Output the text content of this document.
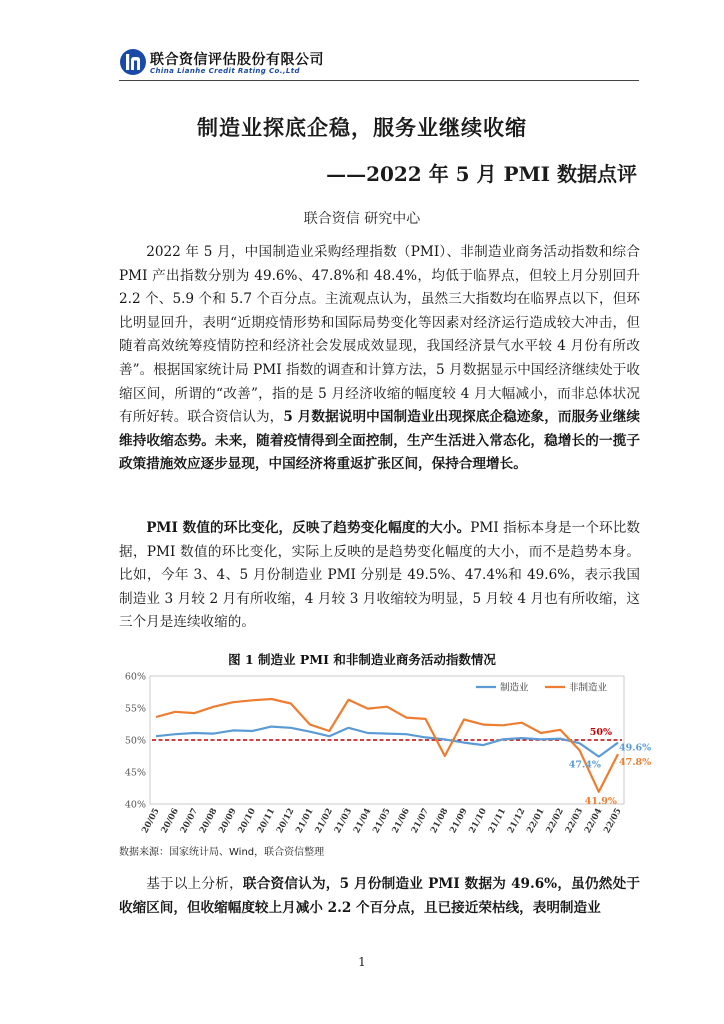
联合资信评估股份有限公司
China Lianhe Credit Rating Co.,Ltd
制造业探底企稳，服务业继续收缩
——2022 年 5 月 PMI 数据点评
联合资信 研究中心

2022 年 5 月，中国制造业采购经理指数（PMI）、非制造业商务活动指数和综合 PMI 产出指数分别为 49.6%、47.8%和 48.4%，均低于临界点，但较上月分别回升 2.2 个、5.9 个和 5.7 个百分点。主流观点认为，虽然三大指数均在临界点以下，但环比明显回升，表明“近期疫情形势和国际局势变化等因素对经济运行造成较大冲击，但随着高效统筹疫情防控和经济社会发展成效显现，我国经济景气水平较 4 月份有所改善”。根据国家统计局 PMI 指数的调查和计算方法，5 月数据显示中国经济继续处于收缩区间，所谓的“改善”，指的是 5 月经济收缩的幅度较 4 月大幅减小，而非总体状况有所好转。联合资信认为，5 月数据说明中国制造业出现探底企稳迹象，而服务业继续维持收缩态势。未来，随着疫情得到全面控制，生产生活进入常态化，稳增长的一揽子政策措施效应逐步显现，中国经济将重返扩张区间，保持合理增长。

PMI 数值的环比变化，反映了趋势变化幅度的大小。PMI 指标本身是一个环比数据，PMI 数值的环比变化，实际上反映的是趋势变化幅度的大小，而不是趋势本身。比如，今年 3、4、5 月份制造业 PMI 分别是 49.5%、47.4%和 49.6%，表示我国制造业 3 月较 2 月有所收缩，4 月较 3 月收缩较为明显，5 月较 4 月也有所收缩，这三个月是连续收缩的。

图 1 制造业 PMI 和非制造业商务活动指数情况
40%
45%
50%
55%
60%
20/05
20/06
20/07
20/08
20/09
20/10
20/11
20/12
21/01
21/02
21/03
21/04
21/05
21/06
21/07
21/08
21/09
21/10
21/11
21/12
22/01
22/02
22/03
22/04
22/05
50%
制造业	非制造业
49.6%
47.4% 47.8%
41.9%
数据来源：国家统计局、Wind，联合资信整理

基于以上分析，联合资信认为，5 月份制造业 PMI 数据为 49.6%，虽仍然处于收缩区间，但收缩幅度较上月减小 2.2 个百分点，且已接近荣枯线，表明制造业

1
